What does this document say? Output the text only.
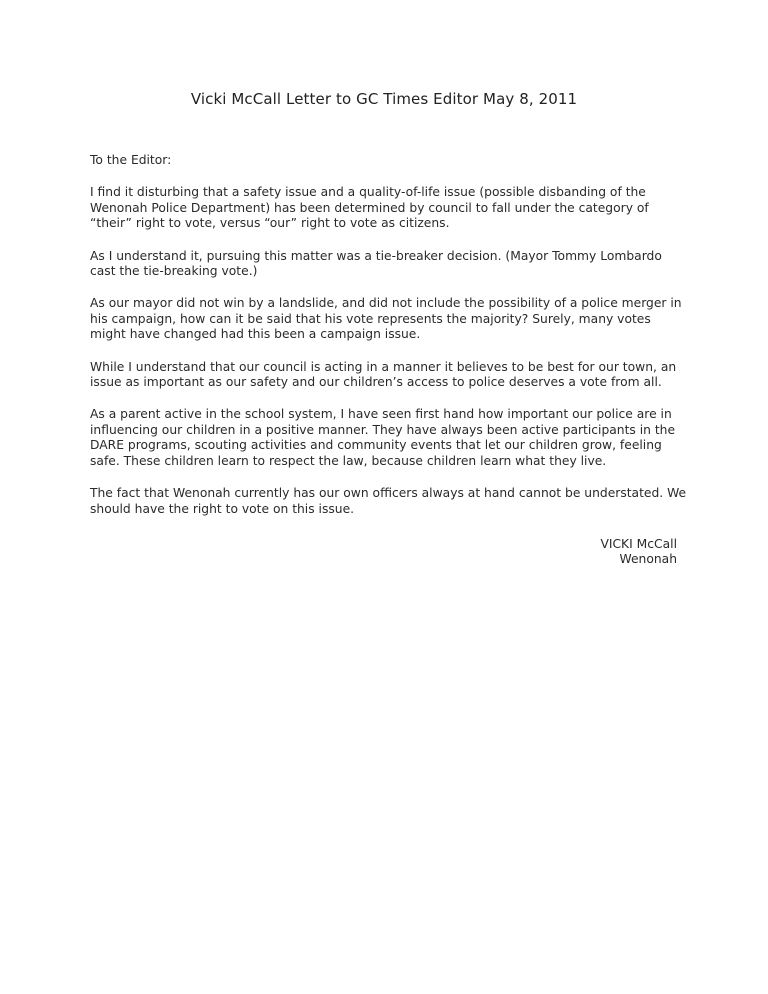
Vicki McCall Letter to GC Times Editor May 8, 2011

To the Editor:

I find it disturbing that a safety issue and a quality-of-life issue (possible disbanding of the Wenonah Police Department) has been determined by council to fall under the category of “their” right to vote, versus “our” right to vote as citizens.

As I understand it, pursuing this matter was a tie-breaker decision. (Mayor Tommy Lombardo cast the tie-breaking vote.)

As our mayor did not win by a landslide, and did not include the possibility of a police merger in his campaign, how can it be said that his vote represents the majority? Surely, many votes might have changed had this been a campaign issue.

While I understand that our council is acting in a manner it believes to be best for our town, an issue as important as our safety and our children’s access to police deserves a vote from all.

As a parent active in the school system, I have seen first hand how important our police are in influencing our children in a positive manner. They have always been active participants in the DARE programs, scouting activities and community events that let our children grow, feeling safe. These children learn to respect the law, because children learn what they live.

The fact that Wenonah currently has our own officers always at hand cannot be understated. We should have the right to vote on this issue.

VICKI McCall
Wenonah
